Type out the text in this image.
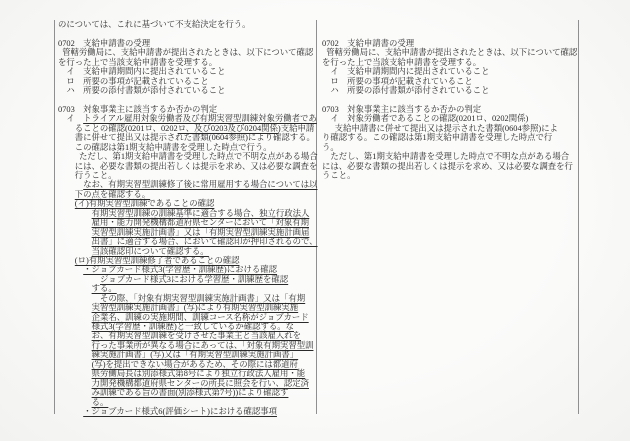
のについては、これに基づいて不支給決定を行う。

0702　支給申請書の受理
管轄労働局に、支給申請書が提出されたときは、以下について確認
を行った上で当該支給申請書を受理する。
イ　支給申請期間内に提出されていること
ロ　所要の事項が記載されていること
ハ　所要の添付書類が添付されていること

0703　対象事業主に該当するか否かの判定
イ　トライアル雇用対象労働者及び有期実習型訓練対象労働者であ
ることの確認(0201ロ、0202ロ、及び0203及び0204関係)支給申請
書に併せて提出又は提示された書類(0604参照)により確認する。
この確認は第1期支給申請書を受理した時点で行う。
ただし、第1期支給申請書を受理した時点で不明な点がある場合
には、必要な書類の提出若しくは提示を求め、又は必要な調査を
行うこと。
なお、有期実習型訓練修了後に常用雇用する場合については以
下の点を確認する。
(イ)有期実習型訓練であることの確認
有期実習型訓練の訓練基準に適合する場合、独立行政法人
雇用・能力開発機構都道府県センターにおいて「対象有期
実習型訓練実施計画書」又は「有期実習型訓練実施計画届
出書」に適合する場合、において確認印が押印されるので、
当該確認印について確認する。
(ロ)有期実習型訓練修了者であることの確認
・ジョブカード様式3(学習歴・訓練歴)における確認
ジョブカード様式3における学習歴・訓練歴を確認
する。
その際、「対象有期実習型訓練実施計画書」又は「有期
実習型訓練実施計画書」(写)により有期実習型訓練実施
企業名、訓練の実施期間、訓練コース名称がジョブカード
様式3(学習歴・訓練歴)と一致しているか確認する。な
お、有期実習型訓練を受けさせた事業主と当該雇入れを
行った事業所が異なる場合にあっては、「対象有期実習型訓
練実施計画書」(写)又は「有期実習型訓練実施計画書」
(写)を提出できない場合があるため、その際には都道府
県労働局長は別添様式第8号により独立行政法人雇用・能
力開発機構都道府県センターの所長に照会を行い、認定済
み訓練である旨の書面(別添様式第7号))により確認す
る。
・ジョブカード様式6(評価シート)における確認事項

0702　支給申請書の受理
管轄労働局に、支給申請書が提出されたときは、以下について確認
を行った上で当該支給申請書を受理する。
イ　支給申請期間内に提出されていること
ロ　所要の事項が記載されていること
ハ　所要の添付書類が添付されていること

0703　対象事業主に該当するか否かの判定
イ　対象労働者であることの確認(0201ロ、0202関係)
支給申請書に併せて提出又は提示された書類(0604参照)によ
り確認する。この確認は第1期支給申請書を受理した時点で行
う。
ただし、第1期支給申請書を受理した時点で不明な点がある場合
には、必要な書類の提出若しくは提示を求め、又は必要な調査を行
うこと。
